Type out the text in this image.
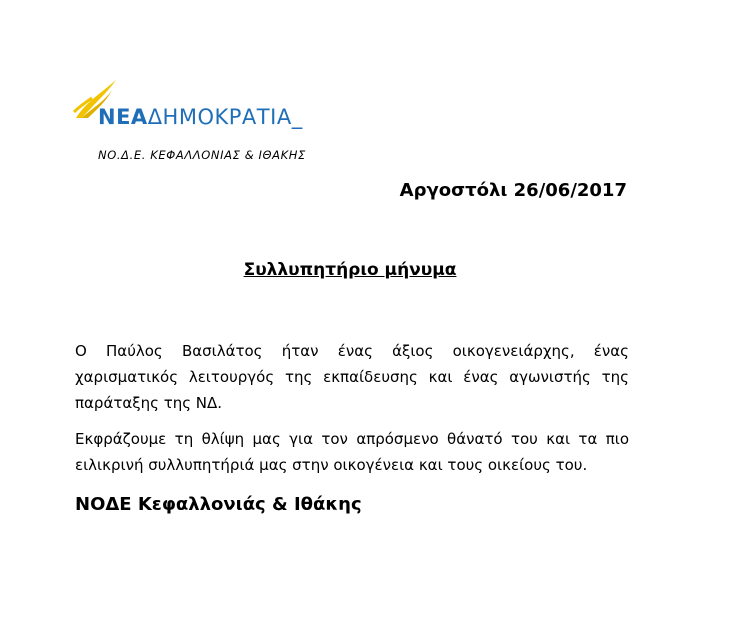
ΝΕΑΔΗΜΟΚΡΑΤΙΑ_
ΝΟ.Δ.Ε. ΚΕΦΑΛΛΟΝΙΑΣ & ΙΘΑΚΗΣ
Αργοστόλι 26/06/2017
Συλλυπητήριο μήνυμα

Ο Παύλος Βασιλάτος ήταν ένας άξιος οικογενειάρχης, ένας χαρισματικός λειτουργός της εκπαίδευσης και ένας αγωνιστής της παράταξης της ΝΔ.

Εκφράζουμε τη θλίψη μας για τον απρόσμενο θάνατό του και τα πιο ειλικρινή συλλυπητήριά μας στην οικογένεια και τους οικείους του.

ΝΟΔΕ Κεφαλλονιάς & Ιθάκης
